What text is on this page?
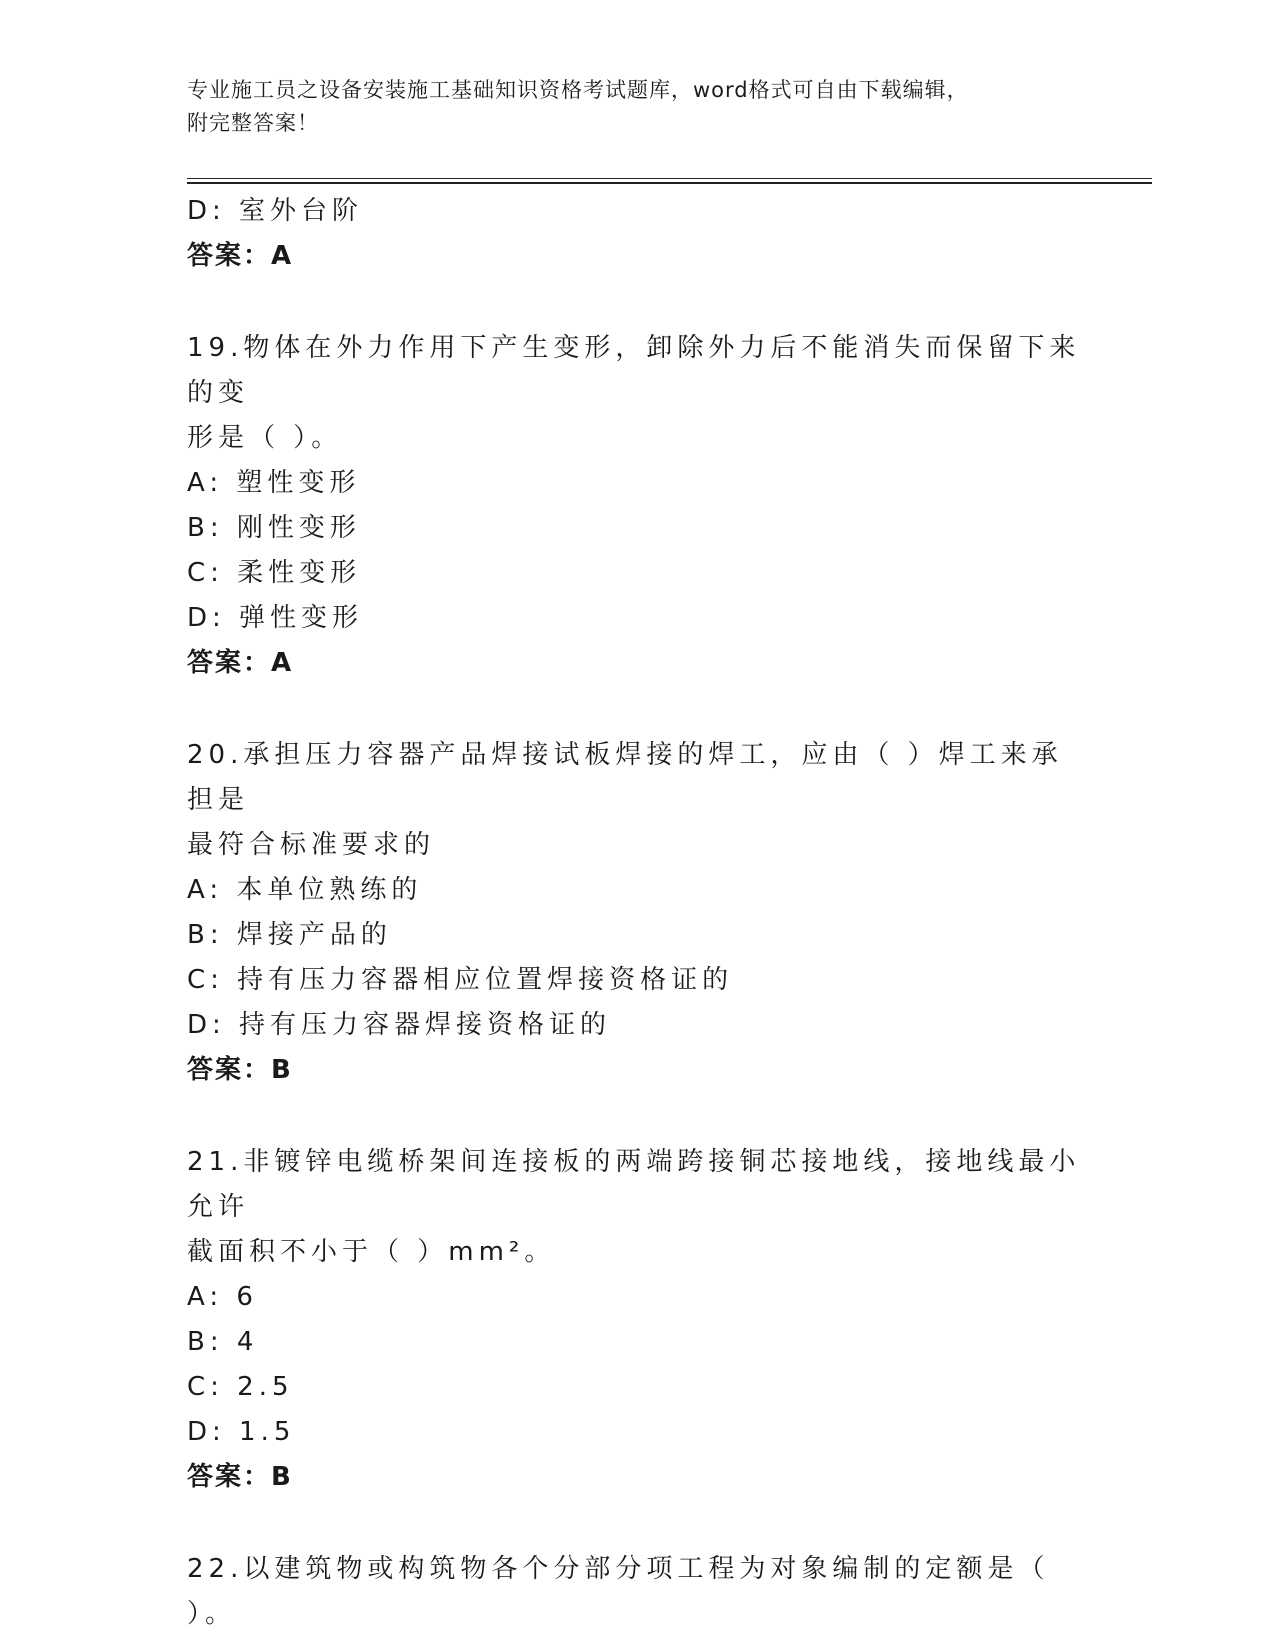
专业施工员之设备安装施工基础知识资格考试题库，word格式可自由下载编辑，
附完整答案！
D: 室外台阶
答案：A
19.物体在外力作用下产生变形，卸除外力后不能消失而保留下来的变
形是（ ）。
A: 塑性变形
B: 刚性变形
C: 柔性变形
D: 弹性变形
答案：A
20.承担压力容器产品焊接试板焊接的焊工，应由（ ）焊工来承担是
最符合标准要求的
A: 本单位熟练的
B: 焊接产品的
C: 持有压力容器相应位置焊接资格证的
D: 持有压力容器焊接资格证的
答案：B
21.非镀锌电缆桥架间连接板的两端跨接铜芯接地线，接地线最小允许
截面积不小于（ ）mm²。
A: 6
B: 4
C: 2.5
D: 1.5
答案：B
22.以建筑物或构筑物各个分部分项工程为对象编制的定额是（ ）。
